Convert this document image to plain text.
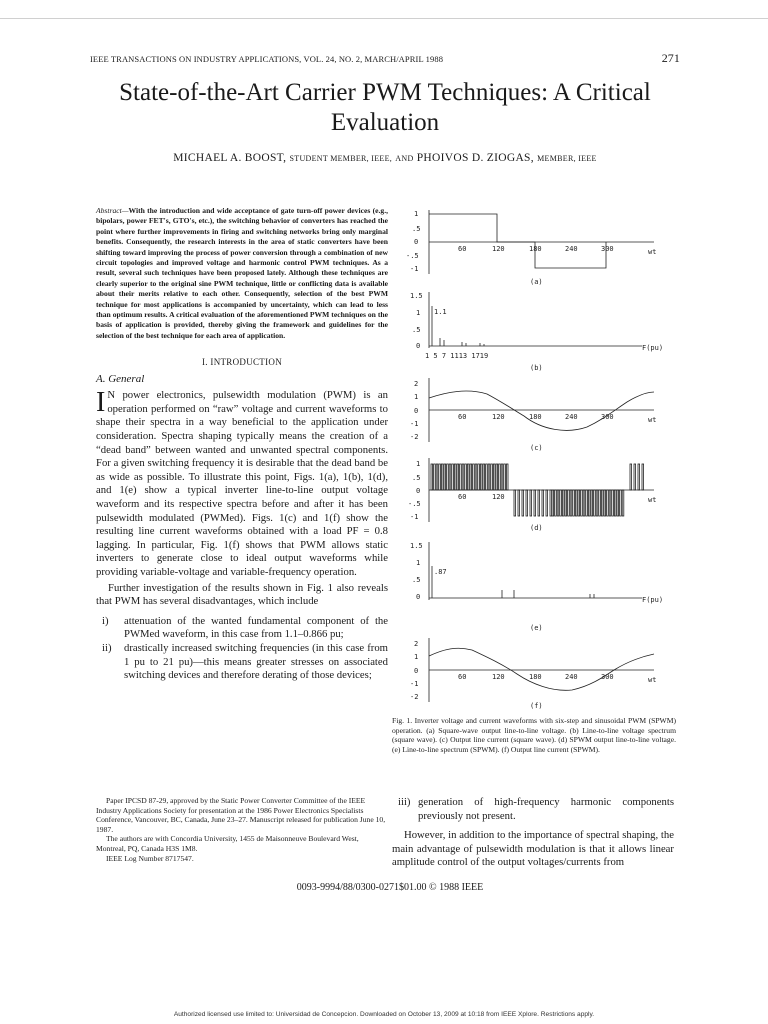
IEEE TRANSACTIONS ON INDUSTRY APPLICATIONS, VOL. 24, NO. 2, MARCH/APRIL 1988	271
State-of-the-Art Carrier PWM Techniques: A Critical Evaluation
MICHAEL A. BOOST, STUDENT MEMBER, IEEE, AND PHOIVOS D. ZIOGAS, MEMBER, IEEE

Abstract—With the introduction and wide acceptance of gate turn-off power devices (e.g., bipolars, power FET's, GTO's, etc.), the switching behavior of converters has reached the point where further improvements in firing and switching networks bring only marginal benefits. Consequently, the research interests in the area of static converters have been shifting toward improving the process of power conversion through a combination of new circuit topologies and improved voltage and harmonic control PWM techniques. As a result, several such techniques have been proposed lately. Although these techniques are clearly superior to the original sine PWM technique, little or conflicting data is available about their merits relative to each other. Consequently, selection of the best PWM technique for most applications is accompanied by uncertainty, which can lead to less than optimum results. A critical evaluation of the aforementioned PWM techniques on the basis of application is provided, thereby giving the framework and guidelines for the selection of the best technique for each area of application.

I. INTRODUCTION
A. General

I N power electronics, pulsewidth modulation (PWM) is an operation performed on “raw” voltage and current waveforms to shape their spectra in a way beneficial to the application under consideration. Spectra shaping typically means the creation of a “dead band” between wanted and unwanted spectral components. For a given switching frequency it is desirable that the dead band be as wide as possible. To illustrate this point, Figs. 1(a), 1(b), 1(d), and 1(e) show a typical inverter line-to-line output voltage waveform and its respective spectra before and after it has been pulsewidth modulated (PWMed). Figs. 1(c) and 1(f) show the resulting line current waveforms obtained with a load PF = 0.8 lagging. In particular, Fig. 1(f) shows that PWM allows static inverters to generate close to ideal output waveforms while providing variable-voltage and variable-frequency operation.

Further investigation of the results shown in Fig. 1 also reveals that PWM has several disadvantages, which include

i) attenuation of the wanted fundamental component of the PWMed waveform, in this case from 1.1–0.866 pu;
ii) drastically increased switching frequencies (in this case from 1 pu to 21 pu)—this means greater stresses on associated switching devices and therefore derating of those devices;

Paper IPCSD 87-29, approved by the Static Power Converter Committee of the IEEE Industry Applications Society for presentation at the 1986 Power Electronics Specialists Conference, Vancouver, BC, Canada, June 23–27. Manuscript released for publication June 10, 1987.

The authors are with Concordia University, 1455 de Maisonneuve Boulevard West, Montreal, PQ, Canada H3S 1M8.

IEEE Log Number 8717547.

1
.5
0
-.5
-1
60	120	180	240	300	wt
(a)
1.5
1
.5
0
1.1
1 5 7 1113 1719
F(pu)
(b)
2
1
0
-1
-2
60	120	180	240	300	wt
(c)
1
.5
0
-.5
-1
60	120	wt
(d)
1.5
1
.5
0
.87
F(pu)
(e)
2
1
0
-1
-2
60	120	180	240	300	wt
(f)
Fig. 1. Inverter voltage and current waveforms with six-step and sinusoidal PWM (SPWM) operation. (a) Square-wave output line-to-line voltage. (b) Line-to-line voltage spectrum (square wave). (c) Output line current (square wave). (d) SPWM output line-to-line voltage. (e) Line-to-line spectrum (SPWM). (f) Output line current (SPWM).
iii) generation of high-frequency harmonic components previously not present.

However, in addition to the importance of spectral shaping, the main advantage of pulsewidth modulation is that it allows linear amplitude control of the output voltages/currents from

0093-9994/88/0300-0271$01.00 © 1988 IEEE
Authorized licensed use limited to: Universidad de Concepcion. Downloaded on October 13, 2009 at 10:18 from IEEE Xplore. Restrictions apply.
